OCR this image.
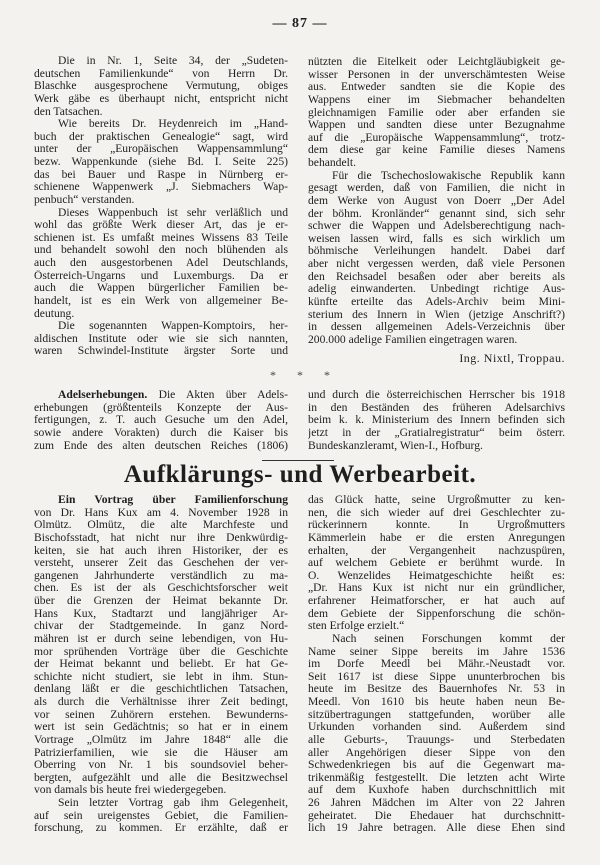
— 87 —
Die in Nr. 1, Seite 34, der „Sudeten-
deutschen Familienkunde“ von Herrn Dr.
Blaschke ausgesprochene Vermutung, obiges
Werk gäbe es überhaupt nicht, entspricht nicht
den Tatsachen.
Wie bereits Dr. Heydenreich im „Hand-
buch der praktischen Genealogie“ sagt, wird
unter der „Europäischen Wappensammlung“
bezw. Wappenkunde (siehe Bd. I. Seite 225)
das bei Bauer und Raspe in Nürnberg er-
schienene Wappenwerk „J. Siebmachers Wap-
penbuch“ verstanden.
Dieses Wappenbuch ist sehr verläßlich und
wohl das größte Werk dieser Art, das je er-
schienen ist. Es umfaßt meines Wissens 83 Teile
und behandelt sowohl den noch blühenden als
auch den ausgestorbenen Adel Deutschlands,
Österreich-Ungarns und Luxemburgs. Da er
auch die Wappen bürgerlicher Familien be-
handelt, ist es ein Werk von allgemeiner Be-
deutung.
Die sogenannten Wappen-Komptoirs, her-
aldischen Institute oder wie sie sich nannten,
waren Schwindel-Institute ärgster Sorte und
nützten die Eitelkeit oder Leichtgläubigkeit ge-
wisser Personen in der unverschämtesten Weise
aus. Entweder sandten sie die Kopie des
Wappens einer im Siebmacher behandelten
gleichnamigen Familie oder aber erfanden sie
Wappen und sandten diese unter Bezugnahme
auf die „Europäische Wappensammlung“, trotz-
dem diese gar keine Familie dieses Namens
behandelt.
Für die Tschechoslowakische Republik kann
gesagt werden, daß von Familien, die nicht in
dem Werke von August von Doerr „Der Adel
der böhm. Kronländer“ genannt sind, sich sehr
schwer die Wappen und Adelsberechtigung nach-
weisen lassen wird, falls es sich wirklich um
böhmische Verleihungen handelt. Dabei darf
aber nicht vergessen werden, daß viele Personen
den Reichsadel besaßen oder aber bereits als
adelig einwanderten. Unbedingt richtige Aus-
künfte erteilte das Adels-Archiv beim Mini-
sterium des Innern in Wien (jetzige Anschrift?)
in dessen allgemeinen Adels-Verzeichnis über
200.000 adelige Familien eingetragen waren.
Ing. Nixtl, Troppau.
* * *
Adelserhebungen. Die Akten über Adels-
erhebungen (größtenteils Konzepte der Aus-
fertigungen, z. T. auch Gesuche um den Adel,
sowie andere Vorakten) durch die Kaiser bis
zum Ende des alten deutschen Reiches (1806)
und durch die österreichischen Herrscher bis 1918
in den Beständen des früheren Adelsarchivs
beim k. k. Ministerium des Innern befinden sich
jetzt in der „Gratialregistratur“ beim österr.
Bundeskanzleramt, Wien-I., Hofburg.
Aufklärungs- und Werbearbeit.
Ein Vortrag über Familienforschung
von Dr. Hans Kux am 4. November 1928 in
Olmütz. Olmütz, die alte Marchfeste und
Bischofsstadt, hat nicht nur ihre Denkwürdig-
keiten, sie hat auch ihren Historiker, der es
versteht, unserer Zeit das Geschehen der ver-
gangenen Jahrhunderte verständlich zu ma-
chen. Es ist der als Geschichtsforscher weit
über die Grenzen der Heimat bekannte Dr.
Hans Kux, Stadtarzt und langjähriger Ar-
chivar der Stadtgemeinde. In ganz Nord-
mähren ist er durch seine lebendigen, von Hu-
mor sprühenden Vorträge über die Geschichte
der Heimat bekannt und beliebt. Er hat Ge-
schichte nicht studiert, sie lebt in ihm. Stun-
denlang läßt er die geschichtlichen Tatsachen,
als durch die Verhältnisse ihrer Zeit bedingt,
vor seinen Zuhörern erstehen. Bewunderns-
wert ist sein Gedächtnis; so hat er in einem
Vortrage „Olmütz im Jahre 1848“ alle die
Patrizierfamilien, wie sie die Häuser am
Oberring von Nr. 1 bis soundsoviel beher-
bergten, aufgezählt und alle die Besitzwechsel
von damals bis heute frei wiedergegeben.
Sein letzter Vortrag gab ihm Gelegenheit,
auf sein ureigenstes Gebiet, die Familien-
forschung, zu kommen. Er erzählte, daß er
das Glück hatte, seine Urgroßmutter zu ken-
nen, die sich wieder auf drei Geschlechter zu-
rückerinnern konnte. In Urgroßmutters
Kämmerlein habe er die ersten Anregungen
erhalten, der Vergangenheit nachzuspüren,
auf welchem Gebiete er berühmt wurde. In
O. Wenzelides Heimatgeschichte heißt es:
„Dr. Hans Kux ist nicht nur ein gründlicher,
erfahrener Heimatforscher, er hat auch auf
dem Gebiete der Sippenforschung die schön-
sten Erfolge erzielt.“
Nach seinen Forschungen kommt der
Name seiner Sippe bereits im Jahre 1536
im Dorfe Meedl bei Mähr.-Neustadt vor.
Seit 1617 ist diese Sippe ununterbrochen bis
heute im Besitze des Bauernhofes Nr. 53 in
Meedl. Von 1610 bis heute haben neun Be-
sitzübertragungen stattgefunden, worüber alle
Urkunden vorhanden sind. Außerdem sind
alle Geburts-, Trauungs- und Sterbedaten
aller Angehörigen dieser Sippe von den
Schwedenkriegen bis auf die Gegenwart ma-
trikenmäßig festgestellt. Die letzten acht Wirte
auf dem Kuxhofe haben durchschnittlich mit
26 Jahren Mädchen im Alter von 22 Jahren
geheiratet. Die Ehedauer hat durchschnitt-
lich 19 Jahre betragen. Alle diese Ehen sind
